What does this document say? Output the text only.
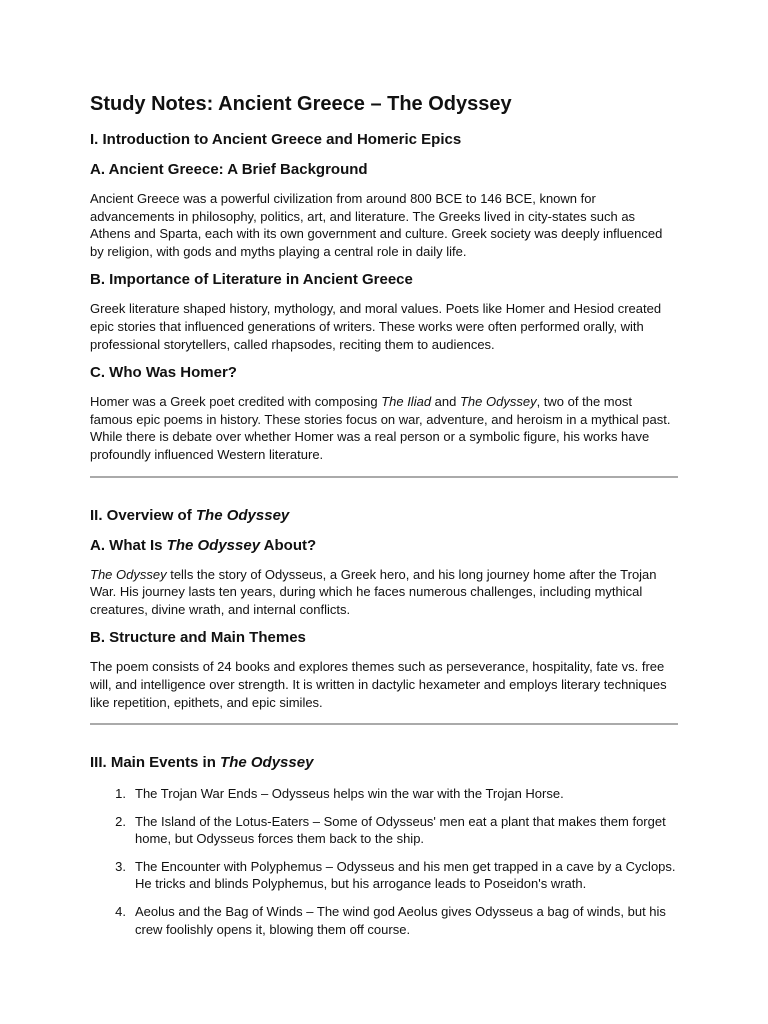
Study Notes: Ancient Greece – The Odyssey
I. Introduction to Ancient Greece and Homeric Epics
A. Ancient Greece: A Brief Background

Ancient Greece was a powerful civilization from around 800 BCE to 146 BCE, known for advancements in philosophy, politics, art, and literature. The Greeks lived in city-states such as Athens and Sparta, each with its own government and culture. Greek society was deeply influenced by religion, with gods and myths playing a central role in daily life.

B. Importance of Literature in Ancient Greece

Greek literature shaped history, mythology, and moral values. Poets like Homer and Hesiod created epic stories that influenced generations of writers. These works were often performed orally, with professional storytellers, called rhapsodes, reciting them to audiences.

C. Who Was Homer?

Homer was a Greek poet credited with composing The Iliad and The Odyssey, two of the most famous epic poems in history. These stories focus on war, adventure, and heroism in a mythical past. While there is debate over whether Homer was a real person or a symbolic figure, his works have profoundly influenced Western literature.

II. Overview of The Odyssey
A. What Is The Odyssey About?

The Odyssey tells the story of Odysseus, a Greek hero, and his long journey home after the Trojan War. His journey lasts ten years, during which he faces numerous challenges, including mythical creatures, divine wrath, and internal conflicts.

B. Structure and Main Themes

The poem consists of 24 books and explores themes such as perseverance, hospitality, fate vs. free will, and intelligence over strength. It is written in dactylic hexameter and employs literary techniques like repetition, epithets, and epic similes.

III. Main Events in The Odyssey
1. The Trojan War Ends – Odysseus helps win the war with the Trojan Horse.
2. The Island of the Lotus-Eaters – Some of Odysseus' men eat a plant that makes them forget home, but Odysseus forces them back to the ship.
3. The Encounter with Polyphemus – Odysseus and his men get trapped in a cave by a Cyclops. He tricks and blinds Polyphemus, but his arrogance leads to Poseidon's wrath.
4. Aeolus and the Bag of Winds – The wind god Aeolus gives Odysseus a bag of winds, but his crew foolishly opens it, blowing them off course.
